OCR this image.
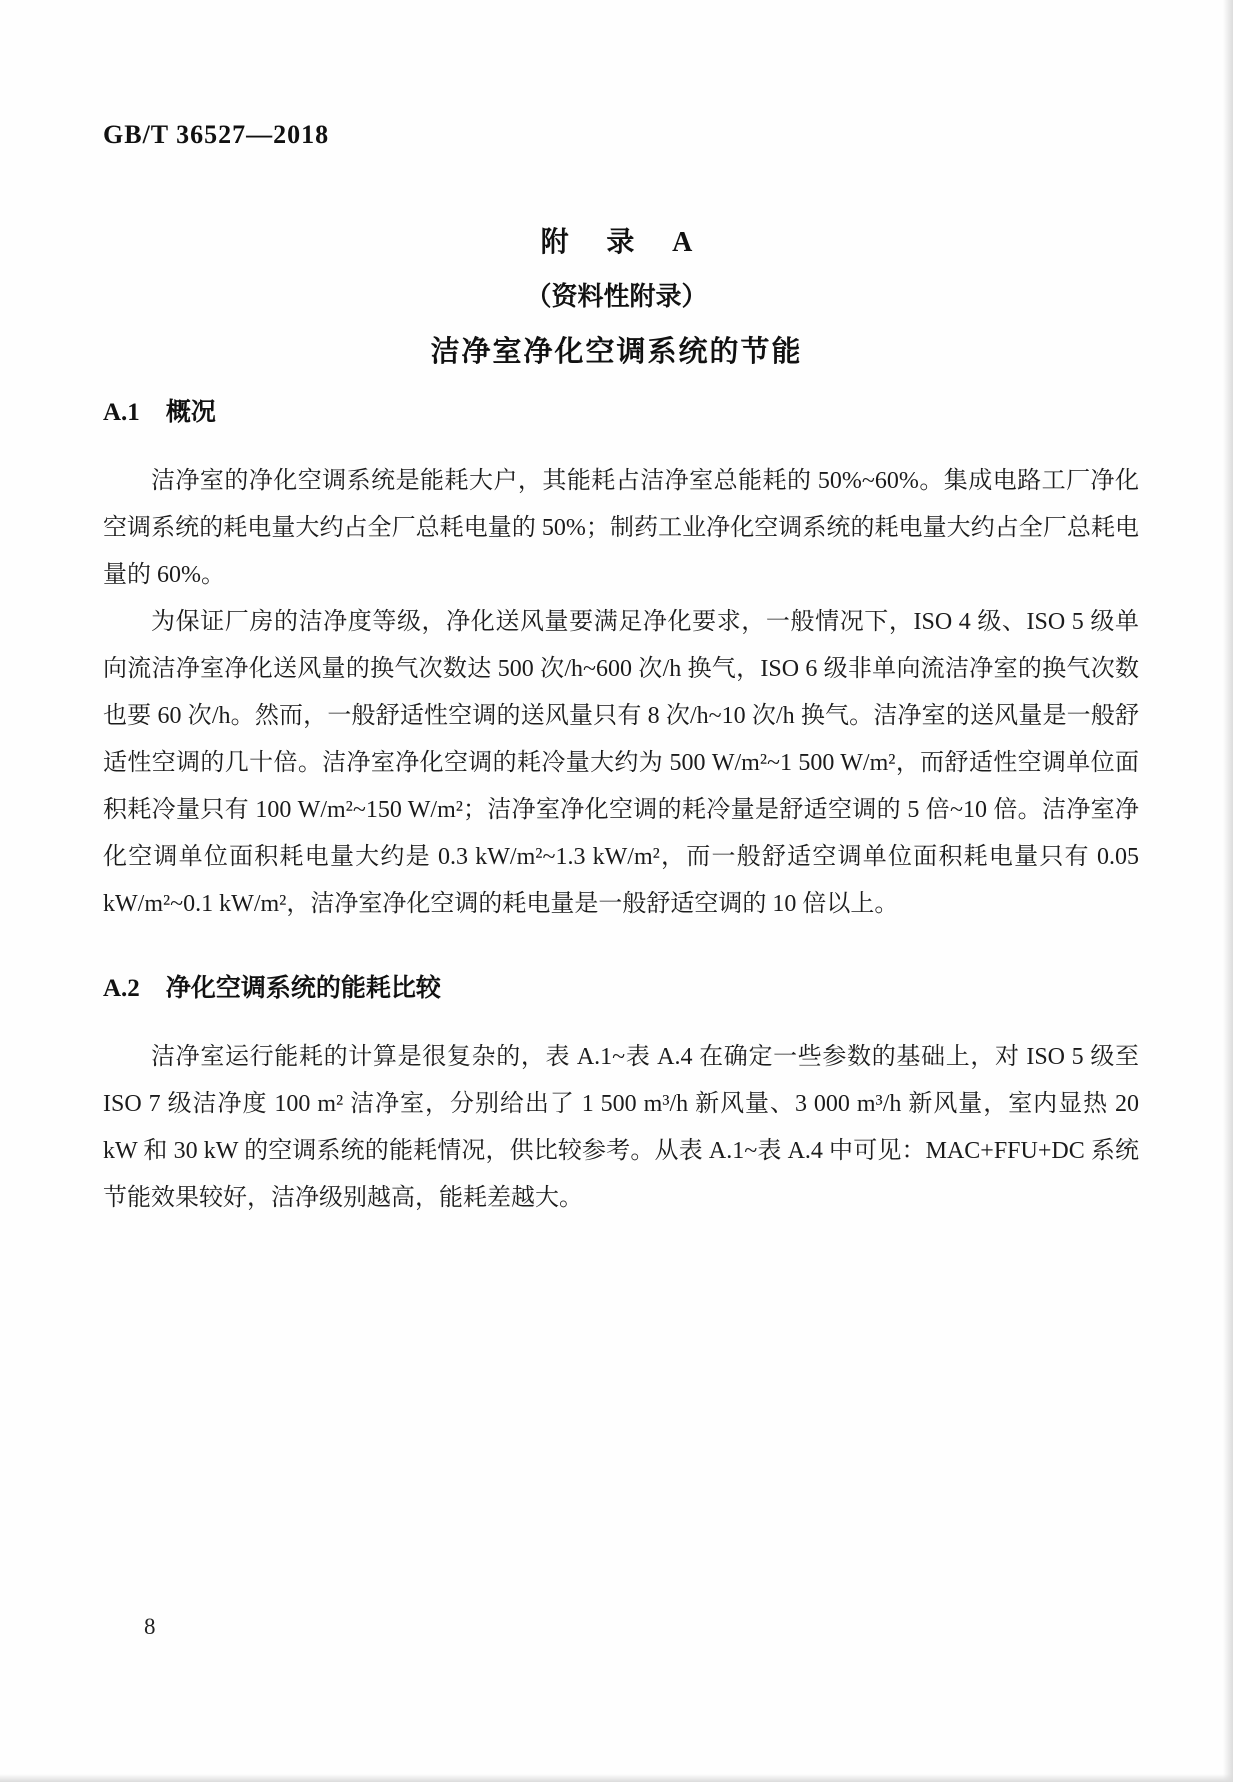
GB/T 36527—2018
附 录 A
（资料性附录）
洁净室净化空调系统的节能
A.1 概况

洁净室的净化空调系统是能耗大户，其能耗占洁净室总能耗的 50%~60%。集成电路工厂净化空调系统的耗电量大约占全厂总耗电量的 50%；制药工业净化空调系统的耗电量大约占全厂总耗电量的 60%。

为保证厂房的洁净度等级，净化送风量要满足净化要求，一般情况下，ISO 4 级、ISO 5 级单向流洁净室净化送风量的换气次数达 500 次/h~600 次/h 换气，ISO 6 级非单向流洁净室的换气次数也要 60 次/h。然而，一般舒适性空调的送风量只有 8 次/h~10 次/h 换气。洁净室的送风量是一般舒适性空调的几十倍。洁净室净化空调的耗冷量大约为 500 W/m²~1 500 W/m²，而舒适性空调单位面积耗冷量只有 100 W/m²~150 W/m²；洁净室净化空调的耗冷量是舒适空调的 5 倍~10 倍。洁净室净化空调单位面积耗电量大约是 0.3 kW/m²~1.3 kW/m²，而一般舒适空调单位面积耗电量只有 0.05 kW/m²~0.1 kW/m²，洁净室净化空调的耗电量是一般舒适空调的 10 倍以上。

A.2 净化空调系统的能耗比较

洁净室运行能耗的计算是很复杂的，表 A.1~表 A.4 在确定一些参数的基础上，对 ISO 5 级至 ISO 7 级洁净度 100 m² 洁净室，分别给出了 1 500 m³/h 新风量、3 000 m³/h 新风量，室内显热 20 kW 和 30 kW 的空调系统的能耗情况，供比较参考。从表 A.1~表 A.4 中可见：MAC+FFU+DC 系统节能效果较好，洁净级别越高，能耗差越大。

8
